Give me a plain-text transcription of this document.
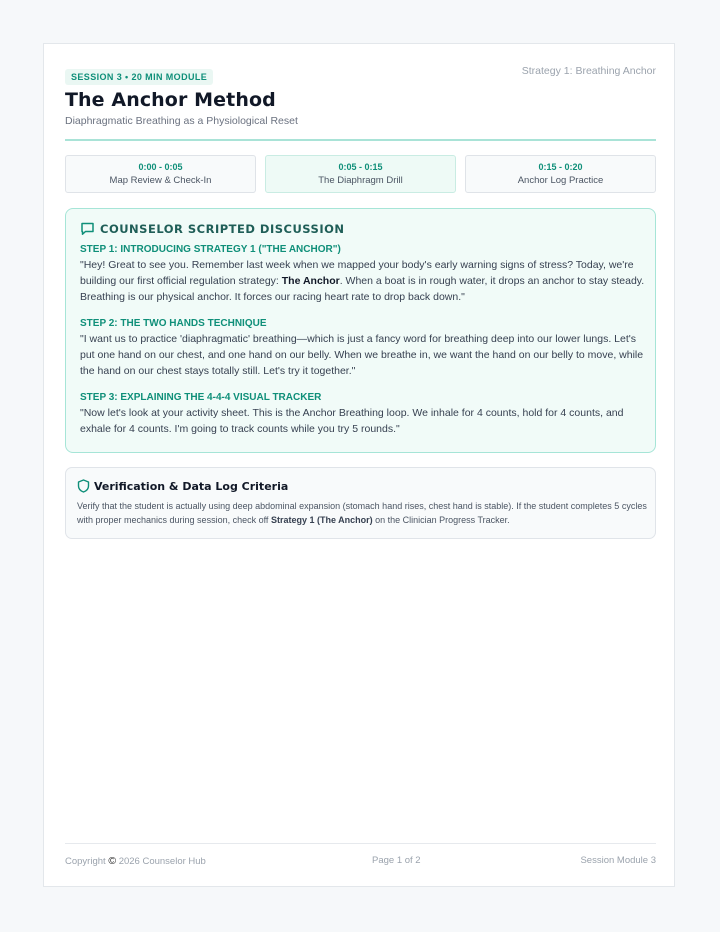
SESSION 3 • 20 MIN MODULE	Strategy 1: Breathing Anchor
The Anchor Method
Diaphragmatic Breathing as a Physiological Reset
0:00 - 0:05
Map Review & Check-In
0:05 - 0:15
The Diaphragm Drill
0:15 - 0:20
Anchor Log Practice
COUNSELOR SCRIPTED DISCUSSION
STEP 1: INTRODUCING STRATEGY 1 ("THE ANCHOR")
"Hey! Great to see you. Remember last week when we mapped your body's early warning signs of stress? Today, we're building our first official regulation strategy: The Anchor. When a boat is in rough water, it drops an anchor to stay steady. Breathing is our physical anchor. It forces our racing heart rate to drop back down."
STEP 2: THE TWO HANDS TECHNIQUE
"I want us to practice 'diaphragmatic' breathing—which is just a fancy word for breathing deep into our lower lungs. Let's put one hand on our chest, and one hand on our belly. When we breathe in, we want the hand on our belly to move, while the hand on our chest stays totally still. Let's try it together."
STEP 3: EXPLAINING THE 4-4-4 VISUAL TRACKER
"Now let's look at your activity sheet. This is the Anchor Breathing loop. We inhale for 4 counts, hold for 4 counts, and exhale for 4 counts. I'm going to track counts while you try 5 rounds."
Verification & Data Log Criteria
Verify that the student is actually using deep abdominal expansion (stomach hand rises, chest hand is stable). If the student completes 5 cycles with proper mechanics during session, check off Strategy 1 (The Anchor) on the Clinician Progress Tracker.
Copyright © 2026 Counselor Hub	Page 1 of 2	Session Module 3
